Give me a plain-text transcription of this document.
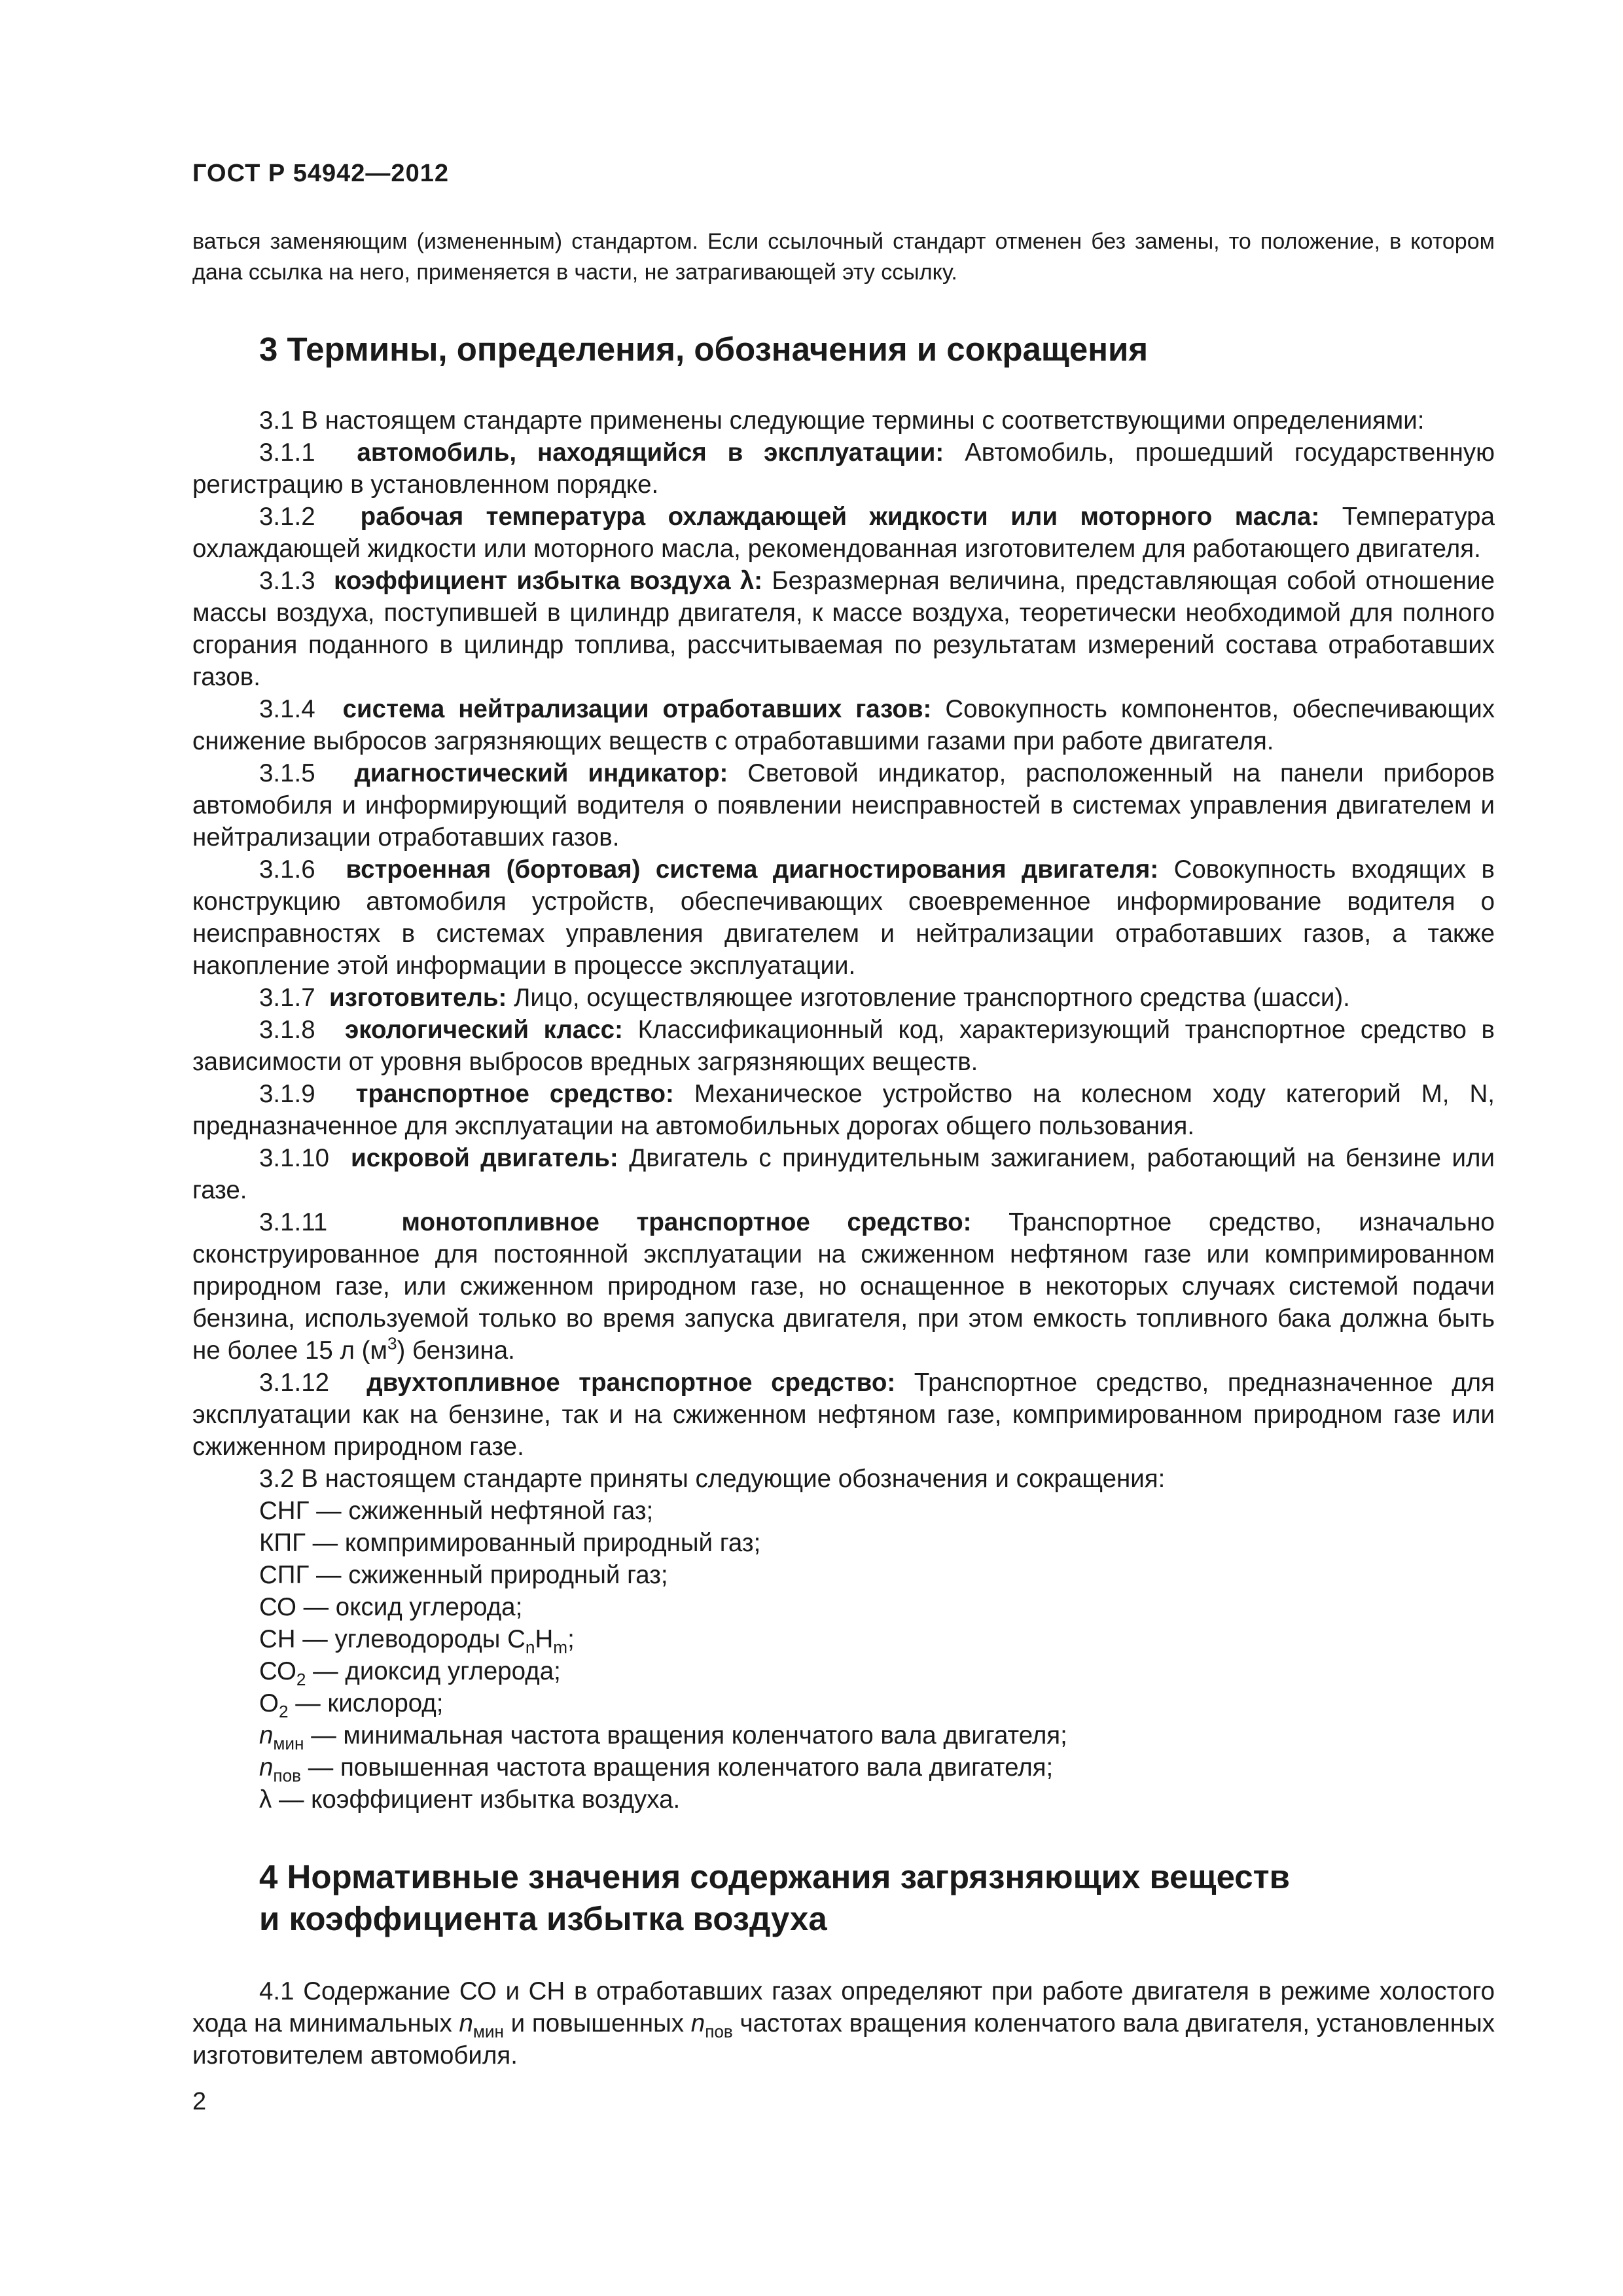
ГОСТ Р 54942—2012

ваться заменяющим (измененным) стандартом. Если ссылочный стандарт отменен без замены, то положение, в котором дана ссылка на него, применяется в части, не затрагивающей эту ссылку.

3 Термины, определения, обозначения и сокращения

3.1 В настоящем стандарте применены следующие термины с соответствующими определениями:

3.1.1 автомобиль, находящийся в эксплуатации: Автомобиль, прошедший государственную регистрацию в установленном порядке.

3.1.2 рабочая температура охлаждающей жидкости или моторного масла: Температура охлаждающей жидкости или моторного масла, рекомендованная изготовителем для работающего двигателя.

3.1.3 коэффициент избытка воздуха λ: Безразмерная величина, представляющая собой отношение массы воздуха, поступившей в цилиндр двигателя, к массе воздуха, теоретически необходимой для полного сгорания поданного в цилиндр топлива, рассчитываемая по результатам измерений состава отработавших газов.

3.1.4 система нейтрализации отработавших газов: Совокупность компонентов, обеспечивающих снижение выбросов загрязняющих веществ с отработавшими газами при работе двигателя.

3.1.5 диагностический индикатор: Световой индикатор, расположенный на панели приборов автомобиля и информирующий водителя о появлении неисправностей в системах управления двигателем и нейтрализации отработавших газов.

3.1.6 встроенная (бортовая) система диагностирования двигателя: Совокупность входящих в конструкцию автомобиля устройств, обеспечивающих своевременное информирование водителя о неисправностях в системах управления двигателем и нейтрализации отработавших газов, а также накопление этой информации в процессе эксплуатации.

3.1.7 изготовитель: Лицо, осуществляющее изготовление транспортного средства (шасси).

3.1.8 экологический класс: Классификационный код, характеризующий транспортное средство в зависимости от уровня выбросов вредных загрязняющих веществ.

3.1.9 транспортное средство: Механическое устройство на колесном ходу категорий M, N, предназначенное для эксплуатации на автомобильных дорогах общего пользования.

3.1.10 искровой двигатель: Двигатель с принудительным зажиганием, работающий на бензине или газе.

3.1.11	монотопливное транспортное средство: Транспортное средство, изначально сконструированное для постоянной эксплуатации на сжиженном нефтяном газе или компримированном природном газе, или сжиженном природном газе, но оснащенное в некоторых случаях системой подачи бензина, используемой только во время запуска двигателя, при этом емкость топливного бака должна быть не более 15 л $(м^3)$ бензина.

3.1.12 двухтопливное транспортное средство: Транспортное средство, предназначенное для эксплуатации как на бензине, так и на сжиженном нефтяном газе, компримированном природном газе или сжиженном природном газе.

3.2 В настоящем стандарте приняты следующие обозначения и сокращения:

СНГ — сжиженный нефтяной газ;

КПГ — компримированный природный газ;

СПГ — сжиженный природный газ;

СО — оксид углерода;

СН — углеводороды $C_nH_m$;

$СО_2$ — диоксид углерода;

$O_2$ — кислород;

$n_{мин}$ — минимальная частота вращения коленчатого вала двигателя;

$n_{пов}$ — повышенная частота вращения коленчатого вала двигателя;

λ — коэффициент избытка воздуха.

4 Нормативные значения содержания загрязняющих веществ
и коэффициента избытка воздуха

4.1 Содержание СО и СН в отработавших газах определяют при работе двигателя в режиме холостого хода на минимальных $n_{мин}$ и повышенных $n_{пов}$ частотах вращения коленчатого вала двигателя, установленных изготовителем автомобиля.

2
